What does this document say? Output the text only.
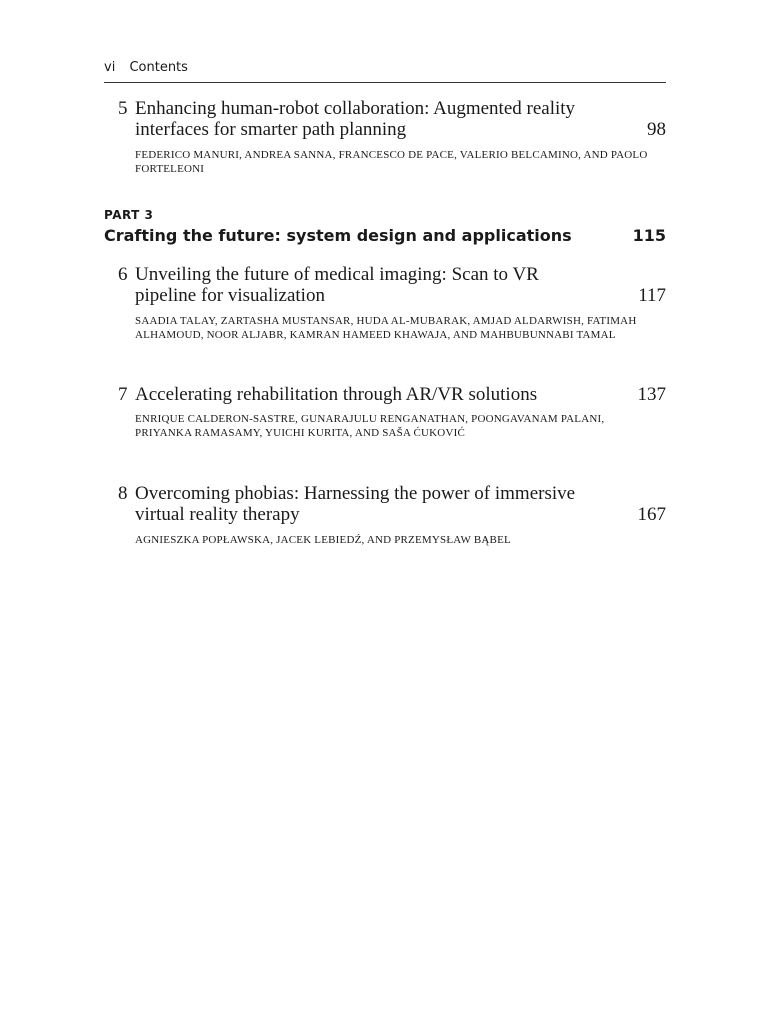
vi Contents
5 Enhancing human-robot collaboration: Augmented reality interfaces for smarter path planning	98
FEDERICO MANURI, ANDREA SANNA, FRANCESCO DE PACE, VALERIO BELCAMINO, AND PAOLO FORTELEONI
PART 3
Crafting the future: system design and applications	115
6 Unveiling the future of medical imaging: Scan to VR pipeline for visualization	117
SAADIA TALAY, ZARTASHA MUSTANSAR, HUDA AL-MUBARAK, AMJAD ALDARWISH, FATIMAH ALHAMOUD, NOOR ALJABR, KAMRAN HAMEED KHAWAJA, AND MAHBUBUNNABI TAMAL
7 Accelerating rehabilitation through AR/VR solutions	137
ENRIQUE CALDERON-SASTRE, GUNARAJULU RENGANATHAN, POONGAVANAM PALANI, PRIYANKA RAMASAMY, YUICHI KURITA, AND SAŠA ĆUKOVIĆ
8 Overcoming phobias: Harnessing the power of immersive virtual reality therapy	167
AGNIESZKA POPŁAWSKA, JACEK LEBIEDŹ, AND PRZEMYSŁAW BĄBEL
